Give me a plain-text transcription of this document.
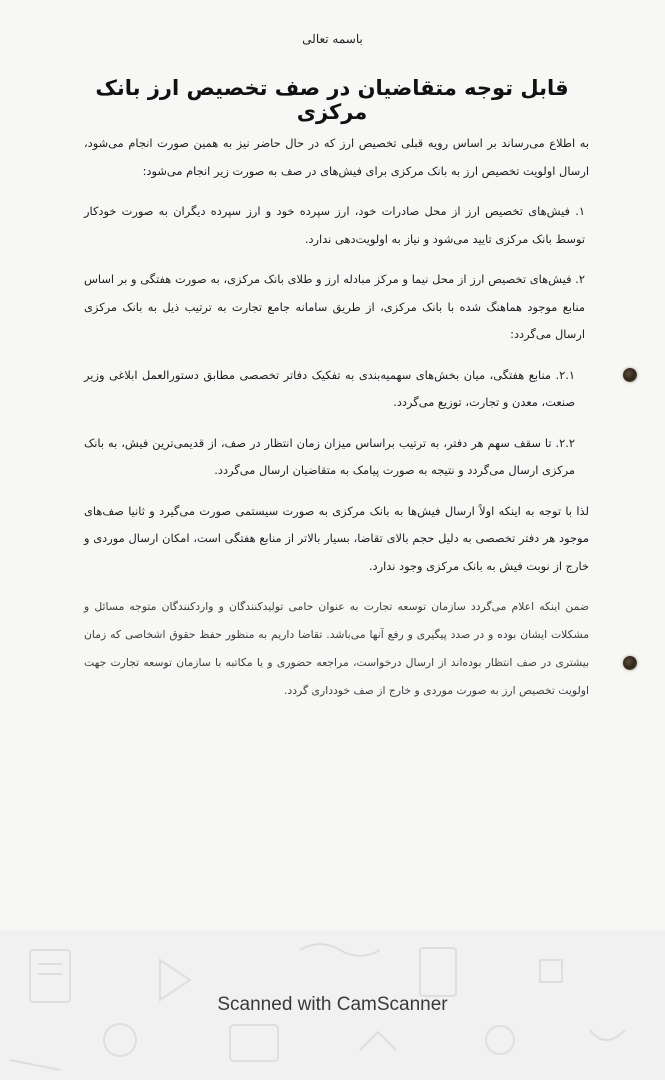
باسمه تعالی
قابل توجه متقاضیان در صف تخصیص ارز بانک مرکزی

به اطلاع می‌رساند بر اساس رویه قبلی تخصیص ارز که در حال حاضر نیز به همین صورت انجام می‌شود، ارسال اولویت تخصیص ارز به بانک مرکزی برای فیش‌های در صف به صورت زیر انجام می‌شود:

۱. فیش‌های تخصیص ارز از محل صادرات خود، ارز سپرده خود و ارز سپرده دیگران به صورت خودکار توسط بانک مرکزی تایید می‌شود و نیاز به اولویت‌دهی ندارد.

۲. فیش‌های تخصیص ارز از محل نیما و مرکز مبادله ارز و طلای بانک مرکزی، به صورت هفتگی و بر اساس منابع موجود هماهنگ شده با بانک مرکزی، از طریق سامانه جامع تجارت به ترتیب ذیل به بانک مرکزی ارسال می‌گردد:

۲.۱. منابع هفتگی، میان بخش‌های سهمیه‌بندی به تفکیک دفاتر تخصصی مطابق دستورالعمل ابلاغی وزیر صنعت، معدن و تجارت، توزیع می‌گردد.

۲.۲. تا سقف سهم هر دفتر، به ترتیب براساس میزان زمان انتظار در صف، از قدیمی‌ترین فیش، به بانک مرکزی ارسال می‌گردد و نتیجه به صورت پیامک به متقاضیان ارسال می‌گردد.

لذا با توجه به اینکه اولاً ارسال فیش‌ها به بانک مرکزی به صورت سیستمی صورت می‌گیرد و ثانیا صف‌های موجود هر دفتر تخصصی به دلیل حجم بالای تقاضا، بسیار بالاتر از منابع هفتگی است، امکان ارسال موردی و خارج از نوبت فیش به بانک مرکزی وجود ندارد.

ضمن اینکه اعلام می‌گردد سازمان توسعه تجارت به عنوان حامی تولیدکنندگان و واردکنندگان متوجه مسائل و مشکلات ایشان بوده و در صدد پیگیری و رفع آنها می‌باشد. تقاضا داریم به منظور حفظ حقوق اشخاصی که زمان بیشتری در صف انتظار بوده‌اند از ارسال درخواست، مراجعه حضوری و یا مکاتبه با سازمان توسعه تجارت جهت اولویت تخصیص ارز به صورت موردی و خارج از صف خودداری گردد.

Scanned with CamScanner
